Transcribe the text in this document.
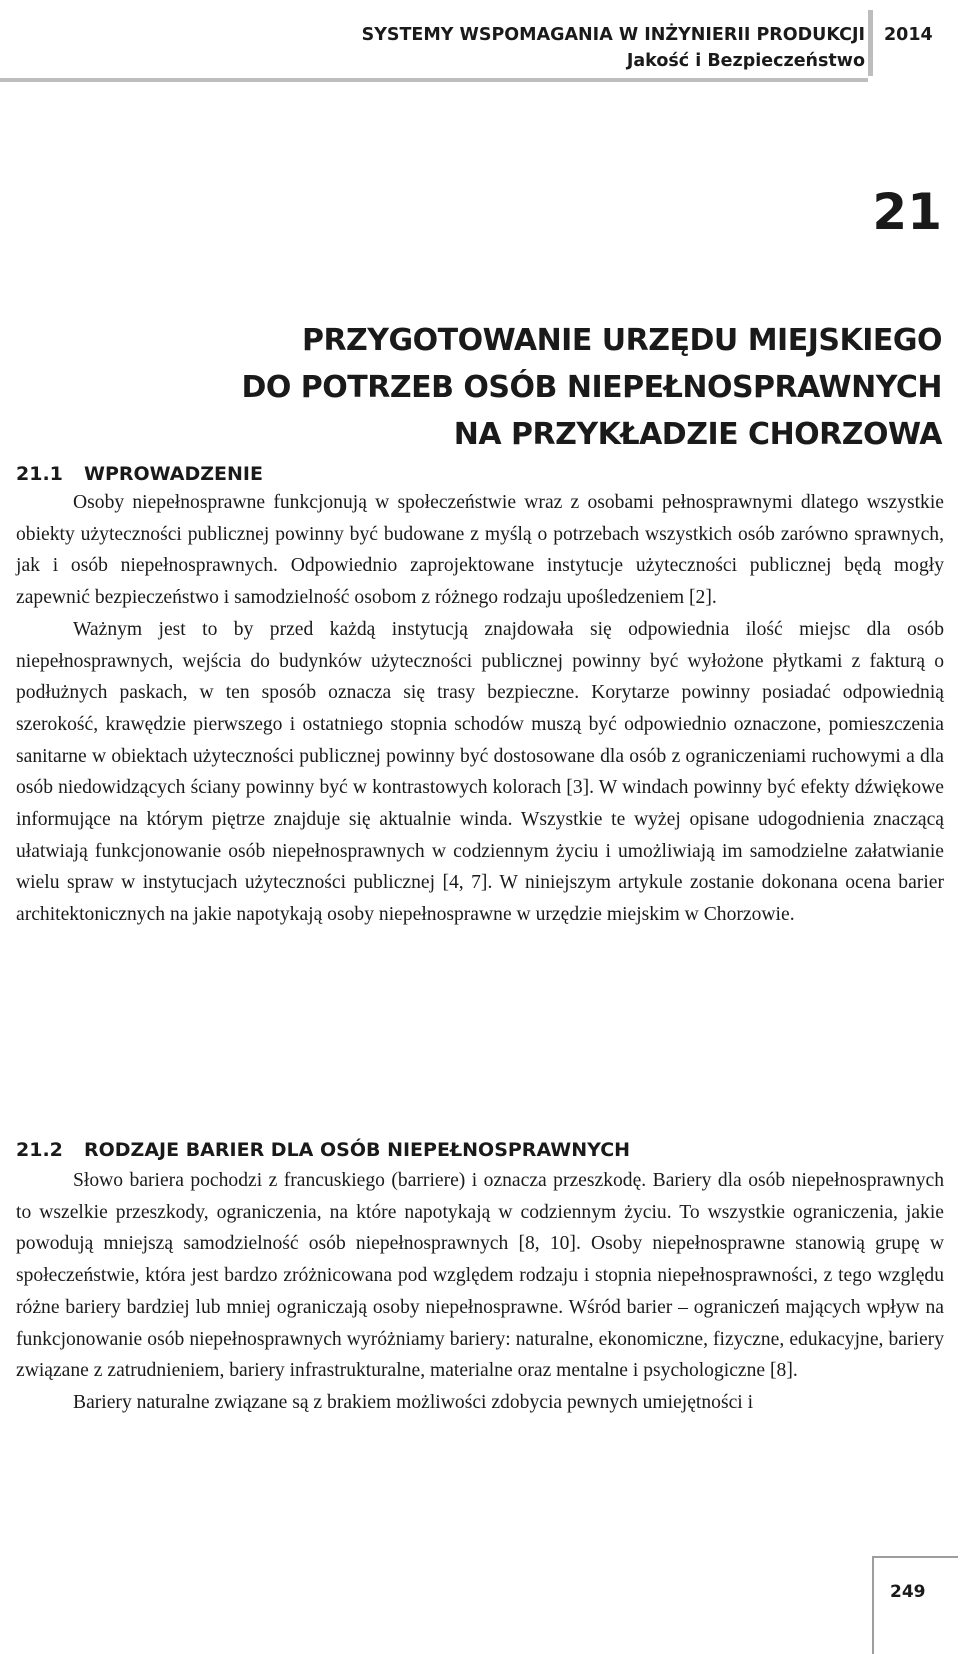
SYSTEMY WSPOMAGANIA W INŻYNIERII PRODUKCJI
Jakość i Bezpieczeństwo
2014
21
PRZYGOTOWANIE URZĘDU MIEJSKIEGO
DO POTRZEB OSÓB NIEPEŁNOSPRAWNYCH
NA PRZYKŁADZIE CHORZOWA
21.1 WPROWADZENIE

Osoby niepełnosprawne funkcjonują w społeczeństwie wraz z osobami pełnosprawnymi dlatego wszystkie obiekty użyteczności publicznej powinny być budowane z myślą o potrzebach wszystkich osób zarówno sprawnych, jak i osób niepełnosprawnych. Odpowiednio zaprojektowane instytucje użyteczności publicznej będą mogły zapewnić bezpieczeństwo i samodzielność osobom z różnego rodzaju upośledzeniem [2].

Ważnym jest to by przed każdą instytucją znajdowała się odpowiednia ilość miejsc dla osób niepełnosprawnych, wejścia do budynków użyteczności publicznej powinny być wyłożone płytkami z fakturą o podłużnych paskach, w ten sposób oznacza się trasy bezpieczne. Korytarze powinny posiadać odpowiednią szerokość, krawędzie pierwszego i ostatniego stopnia schodów muszą być odpowiednio oznaczone, pomieszczenia sanitarne w obiektach użyteczności publicznej powinny być dostosowane dla osób z ograniczeniami ruchowymi a dla osób niedowidzących ściany powinny być w kontrastowych kolorach [3]. W windach powinny być efekty dźwiękowe informujące na którym piętrze znajduje się aktualnie winda. Wszystkie te wyżej opisane udogodnienia znaczącą ułatwiają funkcjonowanie osób niepełnosprawnych w codziennym życiu i umożliwiają im samodzielne załatwianie wielu spraw w instytucjach użyteczności publicznej [4, 7]. W niniejszym artykule zostanie dokonana ocena barier architektonicznych na jakie napotykają osoby niepełnosprawne w urzędzie miejskim w Chorzowie.

21.2 RODZAJE BARIER DLA OSÓB NIEPEŁNOSPRAWNYCH

Słowo bariera pochodzi z francuskiego (barriere) i oznacza przeszkodę. Bariery dla osób niepełnosprawnych to wszelkie przeszkody, ograniczenia, na które napotykają w codziennym życiu. To wszystkie ograniczenia, jakie powodują mniejszą samodzielność osób niepełnosprawnych [8, 10]. Osoby niepełnosprawne stanowią grupę w społeczeństwie, która jest bardzo zróżnicowana pod względem rodzaju i stopnia niepełnosprawności, z tego względu różne bariery bardziej lub mniej ograniczają osoby niepełnosprawne. Wśród barier – ograniczeń mających wpływ na funkcjonowanie osób niepełnosprawnych wyróżniamy bariery: naturalne, ekonomiczne, fizyczne, edukacyjne, bariery związane z zatrudnieniem, bariery infrastrukturalne, materialne oraz mentalne i psychologiczne [8].

Bariery naturalne związane są z brakiem możliwości zdobycia pewnych umiejętności i

249
